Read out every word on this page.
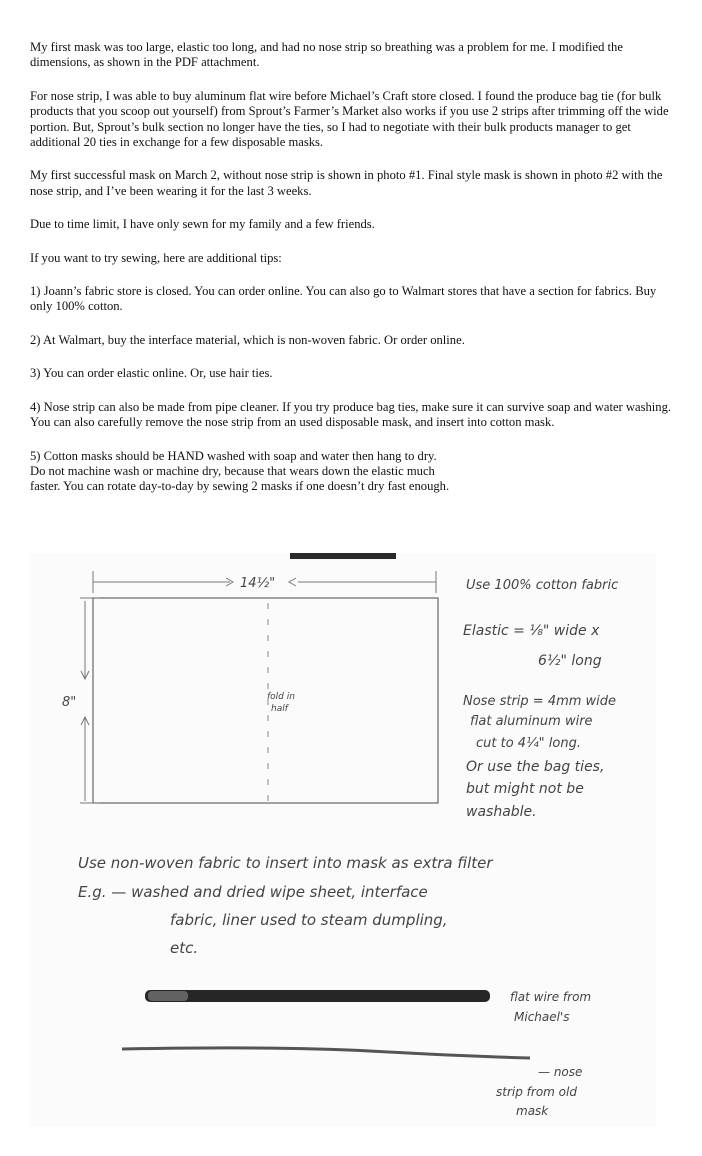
My first mask was too large, elastic too long, and had no nose strip so breathing was a problem for me. I modified the dimensions, as shown in the PDF attachment.

For nose strip, I was able to buy aluminum flat wire before Michael’s Craft store closed. I found the produce bag tie (for bulk products that you scoop out yourself) from Sprout’s Farmer’s Market also works if you use 2 strips after trimming off the wide portion. But, Sprout’s bulk section no longer have the ties, so I had to negotiate with their bulk products manager to get additional 20 ties in exchange for a few disposable masks.

My first successful mask on March 2, without nose strip is shown in photo #1. Final style mask is shown in photo #2 with the nose strip, and I’ve been wearing it for the last 3 weeks.

Due to time limit, I have only sewn for my family and a few friends.

If you want to try sewing, here are additional tips:

1) Joann’s fabric store is closed. You can order online. You can also go to Walmart stores that have a section for fabrics. Buy only 100% cotton.

2) At Walmart, buy the interface material, which is non-woven fabric. Or order online.

3) You can order elastic online. Or, use hair ties.

4) Nose strip can also be made from pipe cleaner. If you try produce bag ties, make sure it can survive soap and water washing. You can also carefully remove the nose strip from an used disposable mask, and insert into cotton mask.

5) Cotton masks should be HAND washed with soap and water then hang to dry. Do not machine wash or machine dry, because that wears down the elastic much faster. You can rotate day-to-day by sewing 2 masks if one doesn’t dry fast enough.

14½"
fold in
half
8"
Use 100% cotton fabric
Elastic = ⅛" wide x
6½" long
Nose strip = 4mm wide
flat aluminum wire
cut to 4¼" long.
Or use the bag ties,
but might not be
washable.
Use non-woven fabric to insert into mask as extra filter
E.g. — washed and dried wipe sheet, interface
fabric, liner used to steam dumpling,
etc.
flat wire from
Michael's
— nose
strip from old
mask
